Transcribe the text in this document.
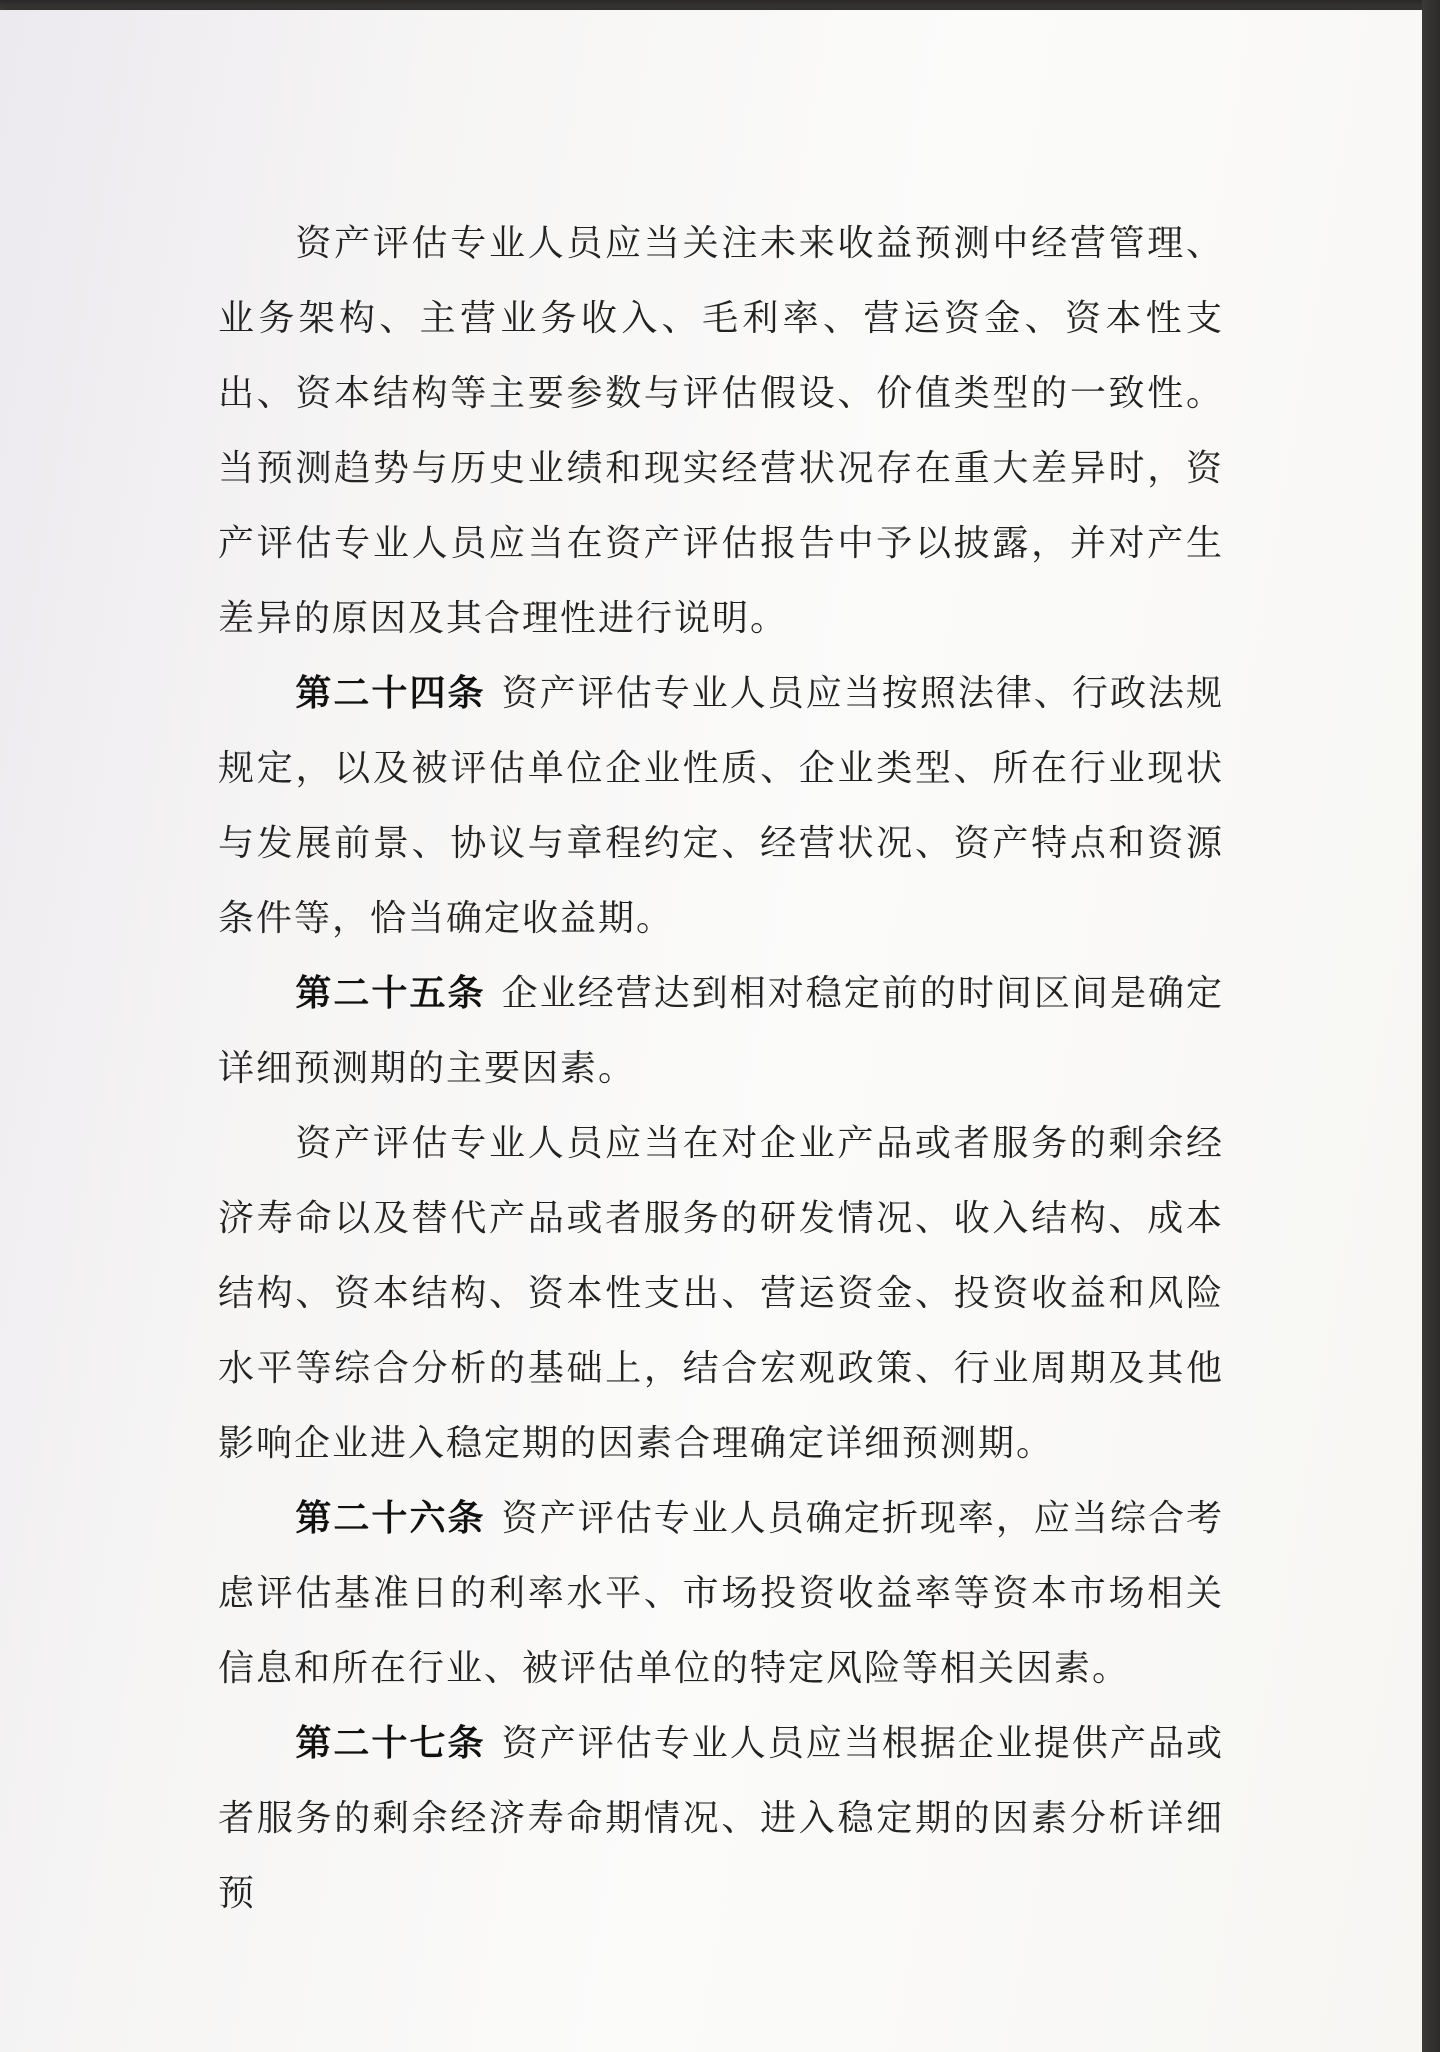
资产评估专业人员应当关注未来收益预测中经营管理、业务架构、主营业务收入、毛利率、营运资金、资本性支出、资本结构等主要参数与评估假设、价值类型的一致性。当预测趋势与历史业绩和现实经营状况存在重大差异时，资产评估专业人员应当在资产评估报告中予以披露，并对产生差异的原因及其合理性进行说明。

第二十四条 资产评估专业人员应当按照法律、行政法规规定，以及被评估单位企业性质、企业类型、所在行业现状与发展前景、协议与章程约定、经营状况、资产特点和资源条件等，恰当确定收益期。

第二十五条 企业经营达到相对稳定前的时间区间是确定详细预测期的主要因素。

资产评估专业人员应当在对企业产品或者服务的剩余经济寿命以及替代产品或者服务的研发情况、收入结构、成本结构、资本结构、资本性支出、营运资金、投资收益和风险水平等综合分析的基础上，结合宏观政策、行业周期及其他影响企业进入稳定期的因素合理确定详细预测期。

第二十六条 资产评估专业人员确定折现率，应当综合考虑评估基准日的利率水平、市场投资收益率等资本市场相关信息和所在行业、被评估单位的特定风险等相关因素。

第二十七条 资产评估专业人员应当根据企业提供产品或者服务的剩余经济寿命期情况、进入稳定期的因素分析详细预
